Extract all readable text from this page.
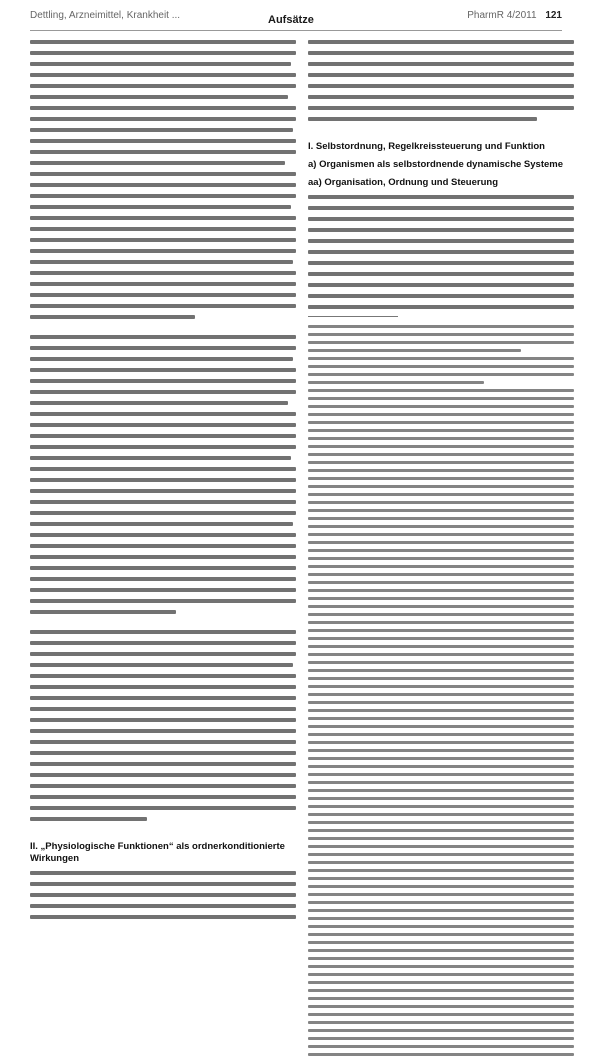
Dettling, Arzneimittel, Krankheit ...	Aufsätze	PharmR 4/2011 121
II. „Physiologische Funktionen“ als ordnerkonditionierte Wirkungen
I. Selbstordnung, Regelkreissteuerung und Funktion
a) Organismen als selbstordnende dynamische Systeme
aa) Organisation, Ordnung und Steuerung
